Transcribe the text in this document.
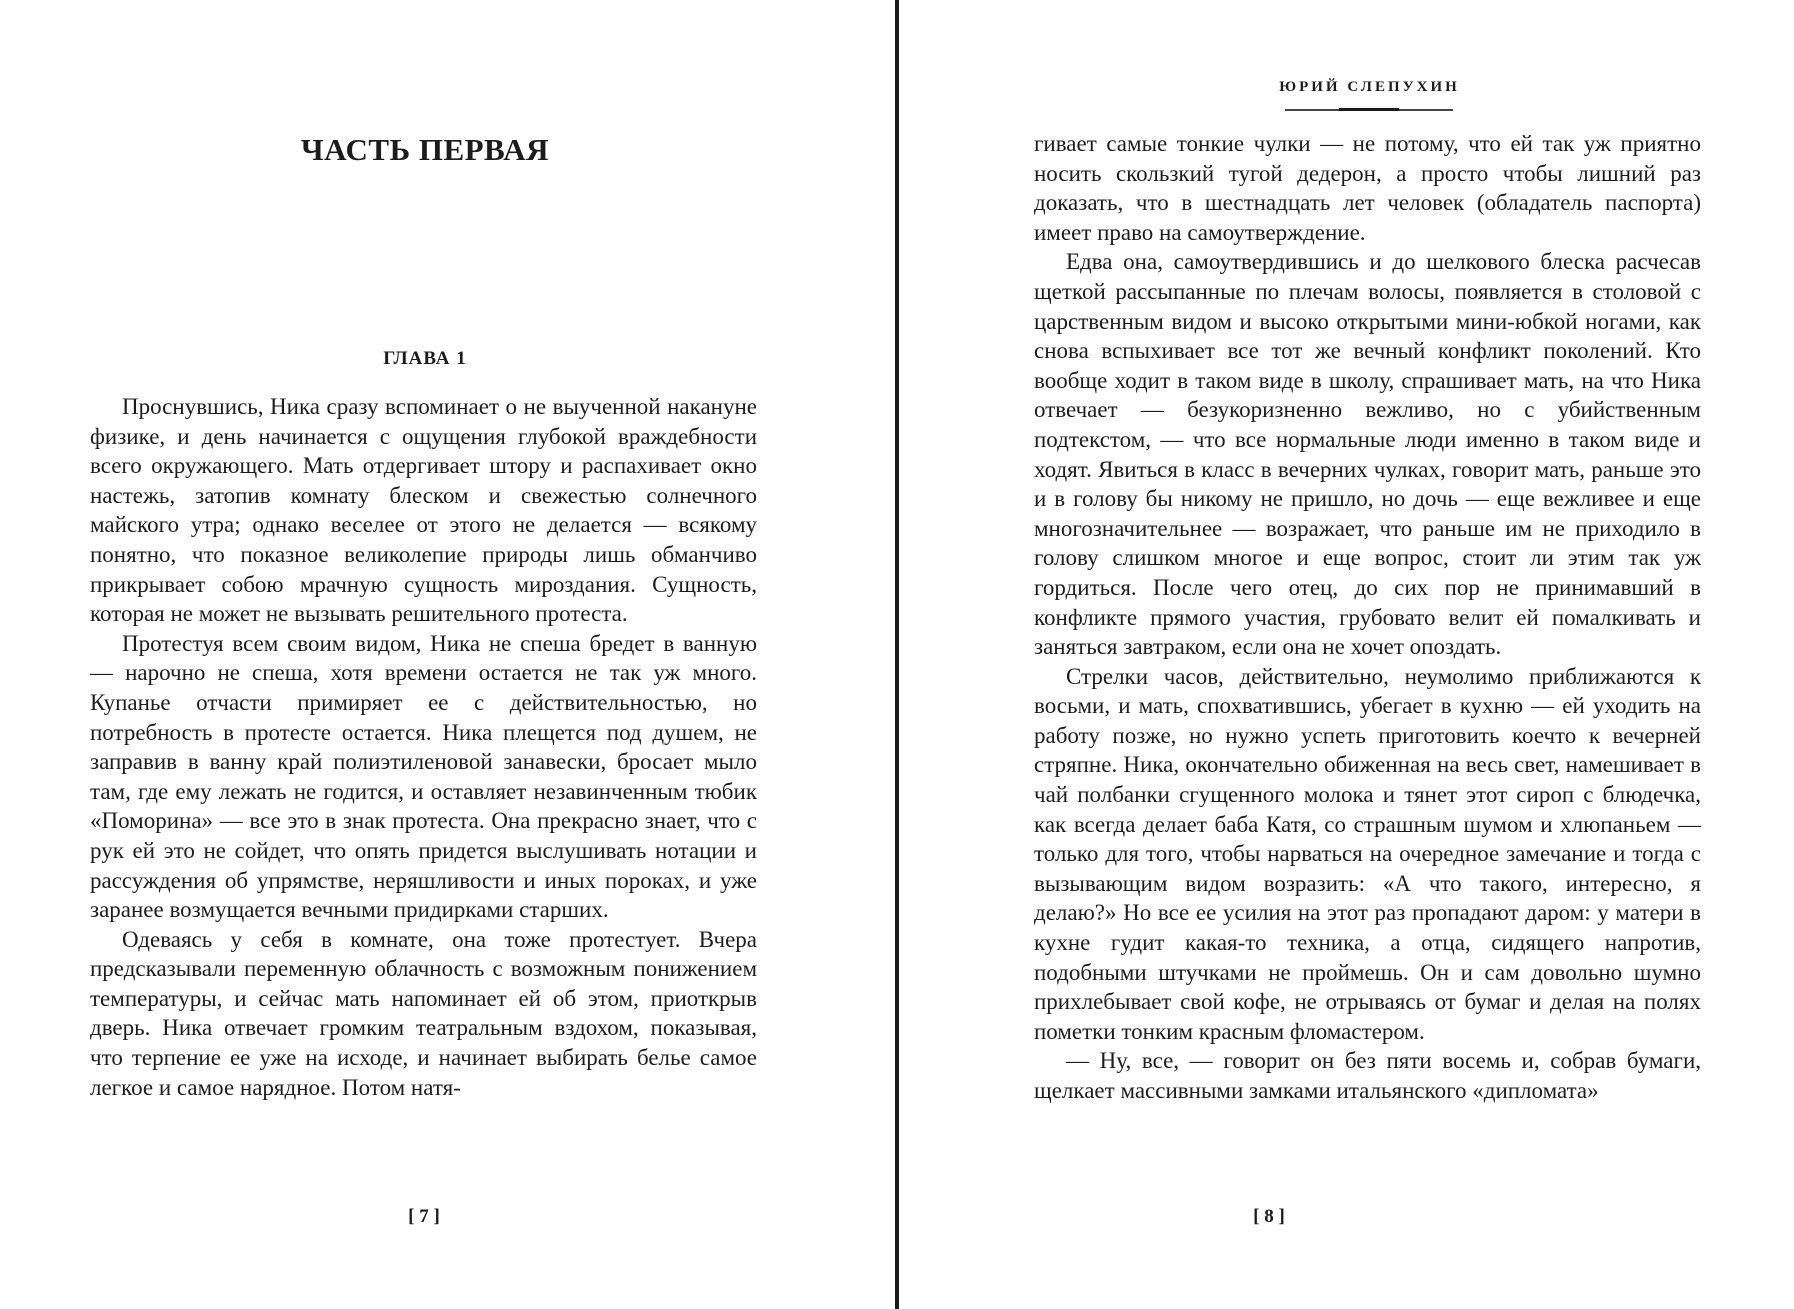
ЧАСТЬ ПЕРВАЯ
ГЛАВА 1

Проснувшись, Ника сразу вспоминает о не выученной накануне физике, и день начинается с ощущения глубокой враждебности всего окружающего. Мать отдергивает штору и распахивает окно настежь, затопив комнату блеском и свежестью солнечного майского утра; однако веселее от этого не делается — всякому понятно, что показное великолепие природы лишь обманчиво прикрывает собою мрачную сущность мироздания. Сущность, которая не может не вызывать решительного протеста.

Протестуя всем своим видом, Ника не спеша бредет в ванную — нарочно не спеша, хотя времени остается не так уж много. Купанье отчасти примиряет ее с действительностью, но потребность в протесте остается. Ника плещется под душем, не заправив в ванну край полиэтиленовой занавески, бросает мыло там, где ему лежать не годится, и оставляет незавинченным тюбик «Поморина» — все это в знак протеста. Она прекрасно знает, что с рук ей это не сойдет, что опять придется выслушивать нотации и рассуждения об упрямстве, неряшливости и иных пороках, и уже заранее возмущается вечными придирками старших.

Одеваясь у себя в комнате, она тоже протестует. Вчера предсказывали переменную облачность с возможным понижением температуры, и сейчас мать напоминает ей об этом, приоткрыв дверь. Ника отвечает громким театральным вздохом, показывая, что терпение ее уже на исходе, и начинает выбирать белье самое легкое и самое нарядное. Потом натя-

[ 7 ]
ЮРИЙ СЛЕПУХИН

гивает самые тонкие чулки — не потому, что ей так уж приятно носить скользкий тугой дедерон, а просто чтобы лишний раз доказать, что в шестнадцать лет человек (обладатель паспорта) имеет право на самоутверждение.

Едва она, самоутвердившись и до шелкового блеска расчесав щеткой рассыпанные по плечам волосы, появляется в столовой с царственным видом и высоко открытыми мини-юбкой ногами, как снова вспыхивает все тот же вечный конфликт поколений. Кто вообще ходит в таком виде в школу, спрашивает мать, на что Ника отвечает — безукоризненно вежливо, но с убийственным подтекстом, — что все нормальные люди именно в таком виде и ходят. Явиться в класс в вечерних чулках, говорит мать, раньше это и в голову бы никому не пришло, но дочь — еще вежливее и еще многозначительнее — возражает, что раньше им не приходило в голову слишком многое и еще вопрос, стоит ли этим так уж гордиться. После чего отец, до сих пор не принимавший в конфликте прямого участия, грубовато велит ей помалкивать и заняться завтраком, если она не хочет опоздать.

Стрелки часов, действительно, неумолимо приближаются к восьми, и мать, спохватившись, убегает в кухню — ей уходить на работу позже, но нужно успеть приготовить коечто к вечерней стряпне. Ника, окончательно обиженная на весь свет, намешивает в чай полбанки сгущенного молока и тянет этот сироп с блюдечка, как всегда делает баба Катя, со страшным шумом и хлюпаньем — только для того, чтобы нарваться на очередное замечание и тогда с вызывающим видом возразить: «А что такого, интересно, я делаю?» Но все ее усилия на этот раз пропадают даром: у матери в кухне гудит какая-то техника, а отца, сидящего напротив, подобными штучками не проймешь. Он и сам довольно шумно прихлебывает свой кофе, не отрываясь от бумаг и делая на полях пометки тонким красным фломастером.

— Ну, все, — говорит он без пяти восемь и, собрав бумаги, щелкает массивными замками итальянского «дипломата»

[ 8 ]
